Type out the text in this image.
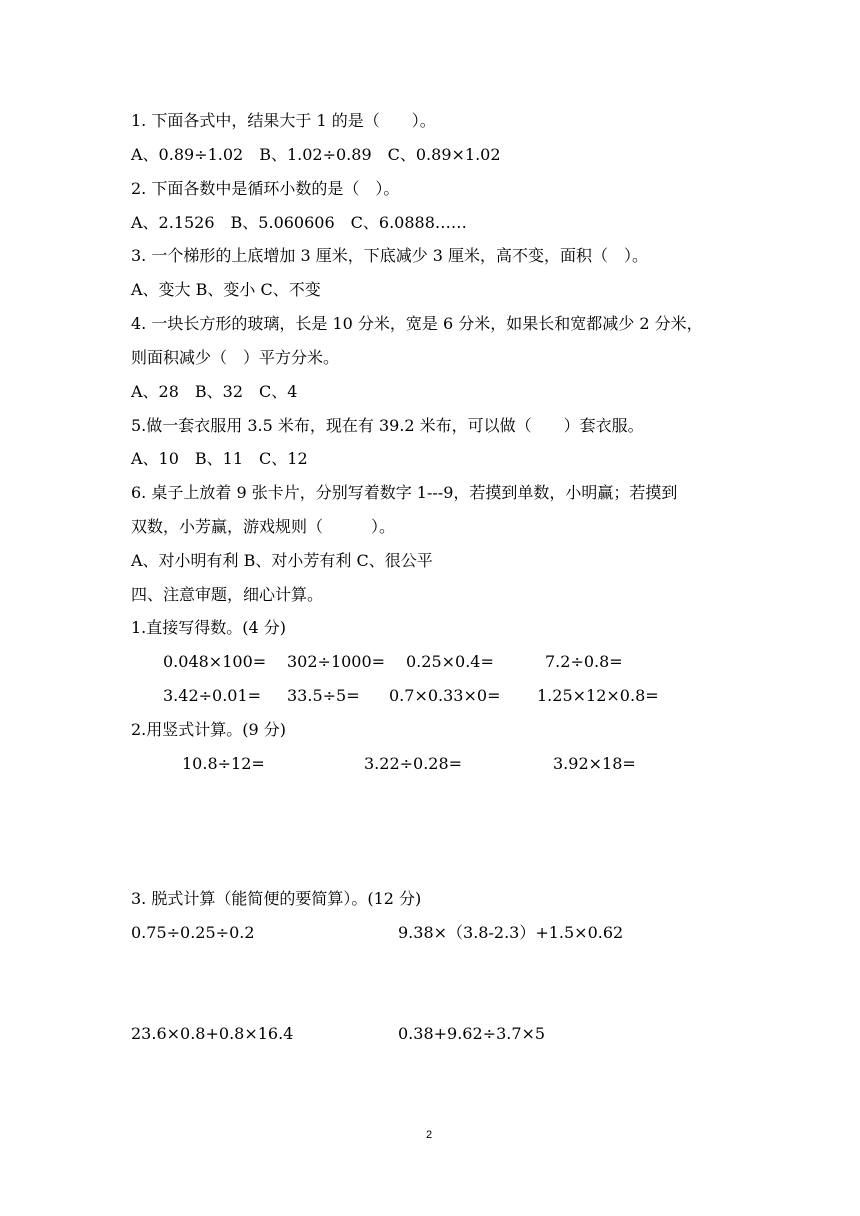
1. 下面各式中，结果大于 1 的是（　　）。
A、0.89÷1.02　B、1.02÷0.89　C、0.89×1.02
2. 下面各数中是循环小数的是（　）。
A、2.1526　B、5.060606　C、6.0888……
3. 一个梯形的上底增加 3 厘米，下底减少 3 厘米，高不变，面积（　）。
A、变大 B、变小 C、不变
4. 一块长方形的玻璃，长是 10 分米，宽是 6 分米，如果长和宽都减少 2 分米，
则面积减少（　）平方分米。
A、28　B、32　C、4
5.做一套衣服用 3.5 米布，现在有 39.2 米布，可以做（　　）套衣服。
A、10　B、11　C、12
6. 桌子上放着 9 张卡片，分别写着数字 1---9，若摸到单数，小明赢；若摸到
双数，小芳赢，游戏规则（　　　）。
A、对小明有利 B、对小芳有利 C、很公平
四、注意审题，细心计算。
1.直接写得数。(4 分)
0.048×100= 302÷1000= 0.25×0.4=	7.2÷0.8=
3.42÷0.01= 33.5÷5= 0.7×0.33×0= 1.25×12×0.8=
2.用竖式计算。(9 分)
10.8÷12=	3.22÷0.28=	3.92×18=
3. 脱式计算（能简便的要简算）。(12 分)
0.75÷0.25÷0.2	9.38×（3.8-2.3）+1.5×0.62
23.6×0.8+0.8×16.4	0.38+9.62÷3.7×5
2
